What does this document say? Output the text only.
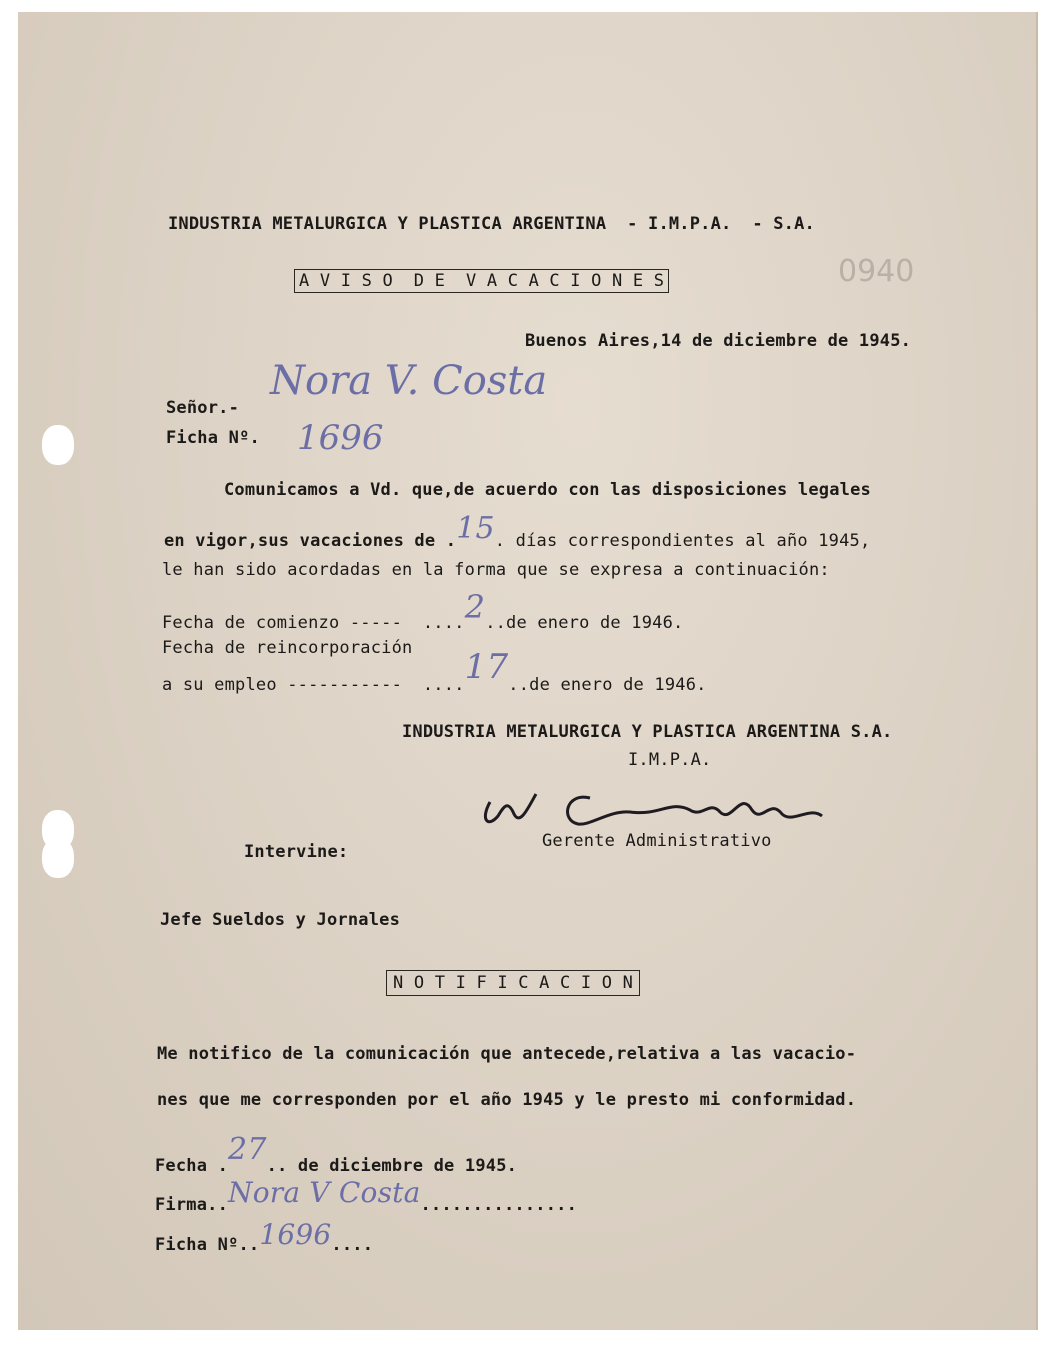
INDUSTRIA METALURGICA Y PLASTICA ARGENTINA  - I.M.P.A.  - S.A.
A V I S O  D E  V A C A C I O N E S	0940
Buenos Aires,14 de diciembre de 1945.
Señor.-
Nora V. Costa
Ficha Nº. 1696
Comunicamos a Vd. que,de acuerdo con las disposiciones legales
en vigor,sus vacaciones de .15. días correspondientes al año 1945,
le han sido acordadas en la forma que se expresa a continuación:
Fecha de comienzo -----  ....2..de enero de 1946.
Fecha de reincorporación
a su empleo -----------  ....17..de enero de 1946.
INDUSTRIA METALURGICA Y PLASTICA ARGENTINA S.A.
I.M.P.A.
Gerente Administrativo
Intervine:
Jefe Sueldos y Jornales
N O T I F I C A C I O N
Me notifico de la comunicación que antecede,relativa a las vacacio-
nes que me corresponden por el año 1945 y le presto mi conformidad.
Fecha .27.. de diciembre de 1945.
Firma..Nora V Costa...............
Ficha Nº..1696....
